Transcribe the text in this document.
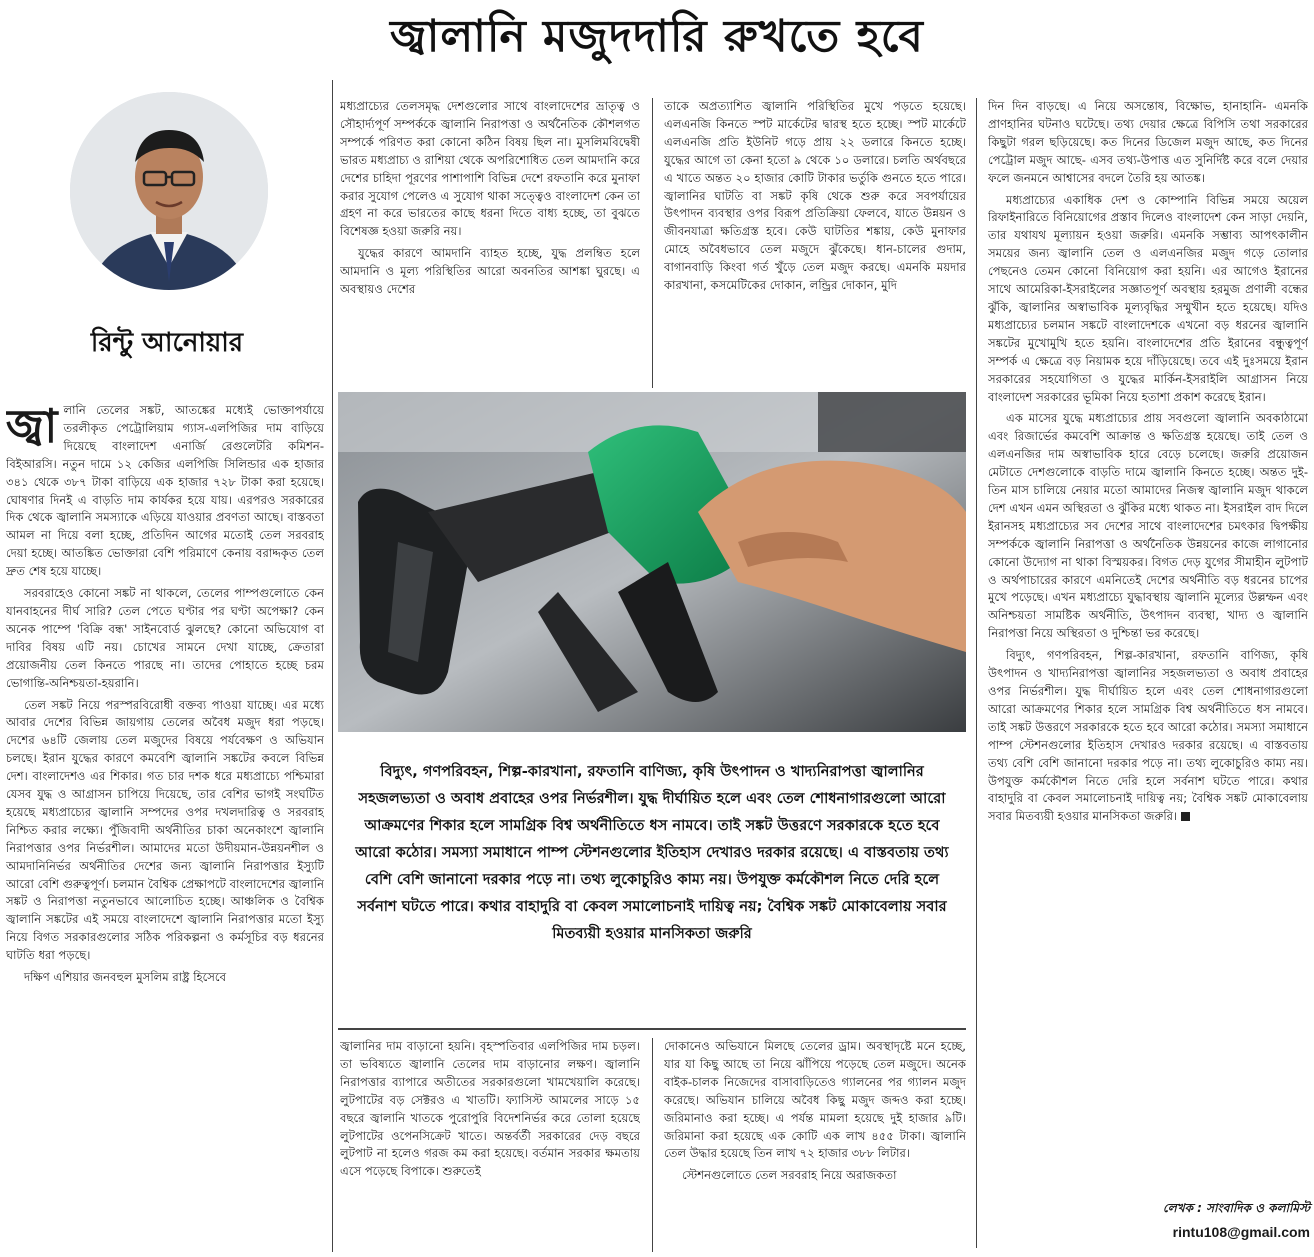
জ্বালানি মজুদদারি রুখতে হবে
রিন্টু আনোয়ার

জ্বা লানি তেলের সঙ্কট, আতঙ্কের মধ্যেই ভোক্তাপর্যায়ে তরলীকৃত পেট্রোলিয়াম গ্যাস-এলপিজির দাম বাড়িয়ে দিয়েছে বাংলাদেশ এনার্জি রেগুলেটরি কমিশন-বিইআরসি। নতুন দামে ১২ কেজির এলপিজি সিলিন্ডার এক হাজার ৩৪১ থেকে ৩৮৭ টাকা বাড়িয়ে এক হাজার ৭২৮ টাকা করা হয়েছে। ঘোষণার দিনই এ বাড়তি দাম কার্যকর হয়ে যায়। এরপরও সরকারের দিক থেকে জ্বালানি সমস্যাকে এড়িয়ে যাওয়ার প্রবণতা আছে। বাস্তবতা আমল না দিয়ে বলা হচ্ছে, প্রতিদিন আগের মতোই তেল সরবরাহ দেয়া হচ্ছে। আতঙ্কিত ভোক্তারা বেশি পরিমাণে কেনায় বরাদ্দকৃত তেল দ্রুত শেষ হয়ে যাচ্ছে।

সরবরাহেও কোনো সঙ্কট না থাকলে, তেলের পাম্পগুলোতে কেন যানবাহনের দীর্ঘ সারি? তেল পেতে ঘণ্টার পর ঘণ্টা অপেক্ষা? কেন অনেক পাম্পে 'বিক্রি বন্ধ' সাইনবোর্ড ঝুলছে? কোনো অভিযোগ বা দাবির বিষয় এটি নয়। চোখের সামনে দেখা যাচ্ছে, ক্রেতারা প্রয়োজনীয় তেল কিনতে পারছে না। তাদের পোহাতে হচ্ছে চরম ভোগান্তি-অনিশ্চয়তা-হয়রানি।

তেল সঙ্কট নিয়ে পরস্পরবিরোধী বক্তব্য পাওয়া যাচ্ছে। এর মধ্যে আবার দেশের বিভিন্ন জায়গায় তেলের অবৈধ মজুদ ধরা পড়ছে। দেশের ৬৪টি জেলায় তেল মজুদের বিষয়ে পর্যবেক্ষণ ও অভিযান চলছে। ইরান যুদ্ধের কারণে কমবেশি জ্বালানি সঙ্কটের কবলে বিভিন্ন দেশ। বাংলাদেশও এর শিকার। গত চার দশক ধরে মধ্যপ্রাচ্যে পশ্চিমারা যেসব যুদ্ধ ও আগ্রাসন চাপিয়ে দিয়েছে, তার বেশির ভাগই সংঘটিত হয়েছে মধ্যপ্রাচ্যের জ্বালানি সম্পদের ওপর দখলদারিত্ব ও সরবরাহ নিশ্চিত করার লক্ষ্যে। পুঁজিবাদী অর্থনীতির চাকা অনেকাংশে জ্বালানি নিরাপত্তার ওপর নির্ভরশীল। আমাদের মতো উদীয়মান-উন্নয়নশীল ও আমদানিনির্ভর অর্থনীতির দেশের জন্য জ্বালানি নিরাপত্তার ইস্যুটি আরো বেশি গুরুত্বপূর্ণ। চলমান বৈশ্বিক প্রেক্ষাপটে বাংলাদেশের জ্বালানি সঙ্কট ও নিরাপত্তা নতুনভাবে আলোচিত হচ্ছে। আঞ্চলিক ও বৈশ্বিক জ্বালানি সঙ্কটের এই সময়ে বাংলাদেশে জ্বালানি নিরাপত্তার মতো ইস্যু নিয়ে বিগত সরকারগুলোর সঠিক পরিকল্পনা ও কর্মসূচির বড় ধরনের ঘাটতি ধরা পড়ছে।

দক্ষিণ এশিয়ার জনবহুল মুসলিম রাষ্ট্র হিসেবে

মধ্যপ্রাচ্যের তেলসমৃদ্ধ দেশগুলোর সাথে বাংলাদেশের ভ্রাতৃত্ব ও সৌহার্দ্যপূর্ণ সম্পর্ককে জ্বালানি নিরাপত্তা ও অর্থনৈতিক কৌশলগত সম্পর্কে পরিণত করা কোনো কঠিন বিষয় ছিল না। মুসলিমবিদ্বেষী ভারত মধ্যপ্রাচ্য ও রাশিয়া থেকে অপরিশোধিত তেল আমদানি করে দেশের চাহিদা পূরণের পাশাপাশি বিভিন্ন দেশে রফতানি করে মুনাফা করার সুযোগ পেলেও এ সুযোগ থাকা সত্ত্বেও বাংলাদেশ কেন তা গ্রহণ না করে ভারতের কাছে ধরনা দিতে বাধ্য হচ্ছে, তা বুঝতে বিশেষজ্ঞ হওয়া জরুরি নয়।

যুদ্ধের কারণে আমদানি ব্যাহত হচ্ছে, যুদ্ধ প্রলম্বিত হলে আমদানি ও মূল্য পরিস্থিতির আরো অবনতির আশঙ্কা ঘুরছে। এ অবস্থায়ও দেশের

তাকে অপ্রত্যাশিত জ্বালানি পরিস্থিতির মুখে পড়তে হয়েছে। এলএনজি কিনতে স্পট মার্কেটের দ্বারস্থ হতে হচ্ছে। স্পট মার্কেটে এলএনজি প্রতি ইউনিট গড়ে প্রায় ২২ ডলারে কিনতে হচ্ছে। যুদ্ধের আগে তা কেনা হতো ৯ থেকে ১০ ডলারে। চলতি অর্থবছরে এ খাতে অন্তত ২০ হাজার কোটি টাকার ভর্তুকি গুনতে হতে পারে। জ্বালানির ঘাটতি বা সঙ্কট কৃষি থেকে শুরু করে সবপর্যায়ের উৎপাদন ব্যবস্থার ওপর বিরূপ প্রতিক্রিয়া ফেলবে, যাতে উন্নয়ন ও জীবনযাত্রা ক্ষতিগ্রস্ত হবে। কেউ ঘাটতির শঙ্কায়, কেউ মুনাফার মোহে অবৈধভাবে তেল মজুদে ঝুঁকেছে। ধান-চালের গুদাম, বাগানবাড়ি কিংবা গর্ত খুঁড়ে তেল মজুদ করছে। এমনকি ময়দার কারখানা, কসমেটিকের দোকান, লন্ড্রির দোকান, মুদি

বিদ্যুৎ, গণপরিবহন, শিল্প-কারখানা, রফতানি বাণিজ্য, কৃষি উৎপাদন ও খাদ্যনিরাপত্তা জ্বালানির সহজলভ্যতা ও অবাধ প্রবাহের ওপর নির্ভরশীল। যুদ্ধ দীর্ঘায়িত হলে এবং তেল শোধনাগারগুলো আরো আক্রমণের শিকার হলে সামগ্রিক বিশ্ব অর্থনীতিতে ধস নামবে। তাই সঙ্কট উত্তরণে সরকারকে হতে হবে আরো কঠোর। সমস্যা সমাধানে পাম্প স্টেশনগুলোর ইতিহাস দেখারও দরকার রয়েছে। এ বাস্তবতায় তথ্য বেশি বেশি জানানো দরকার পড়ে না। তথ্য লুকোচুরিও কাম্য নয়। উপযুক্ত কর্মকৌশল নিতে দেরি হলে সর্বনাশ ঘটতে পারে। কথার বাহাদুরি বা কেবল সমালোচনাই দায়িত্ব নয়; বৈশ্বিক সঙ্কট মোকাবেলায় সবার মিতব্যয়ী হওয়ার মানসিকতা জরুরি

জ্বালানির দাম বাড়ানো হয়নি। বৃহস্পতিবার এলপিজির দাম চড়ল। তা ভবিষ্যতে জ্বালানি তেলের দাম বাড়ানোর লক্ষণ। জ্বালানি নিরাপত্তার ব্যাপারে অতীতের সরকারগুলো খামখেয়ালি করেছে। লুটপাটের বড় সেক্টরও এ খাতটি। ফ্যাসিস্ট আমলের সাড়ে ১৫ বছরে জ্বালানি খাতকে পুরোপুরি বিদেশনির্ভর করে তোলা হয়েছে লুটপাটের ওপেনসিক্রেট খাতে। অন্তর্বর্তী সরকারের দেড় বছরে লুটপাট না হলেও গরজ কম করা হয়েছে। বর্তমান সরকার ক্ষমতায় এসে পড়েছে বিপাকে। শুরুতেই

দোকানেও অভিযানে মিলছে তেলের ড্রাম। অবস্থাদৃষ্টে মনে হচ্ছে, যার যা কিছু আছে তা নিয়ে ঝাঁপিয়ে পড়েছে তেল মজুদে। অনেক বাইক-চালক নিজেদের বাসাবাড়িতেও গ্যালনের পর গ্যালন মজুদ করেছে। অভিযান চালিয়ে অবৈধ কিছু মজুদ জব্দও করা হচ্ছে। জরিমানাও করা হচ্ছে। এ পর্যন্ত মামলা হয়েছে দুই হাজার ৯টি। জরিমানা করা হয়েছে এক কোটি এক লাখ ৪৫৫ টাকা। জ্বালানি তেল উদ্ধার হয়েছে তিন লাখ ৭২ হাজার ৩৮৮ লিটার।

স্টেশনগুলোতে তেল সরবরাহ নিয়ে অরাজকতা

দিন দিন বাড়ছে। এ নিয়ে অসন্তোষ, বিক্ষোভ, হানাহানি- এমনকি প্রাণহানির ঘটনাও ঘটেছে। তথ্য দেয়ার ক্ষেত্রে বিপিসি তথা সরকারের কিছুটা গরল ছড়িয়েছে। কত দিনের ডিজেল মজুদ আছে, কত দিনের পেট্রোল মজুদ আছে- এসব তথ্য-উপাত্ত এত সুনির্দিষ্ট করে বলে দেয়ার ফলে জনমনে আশ্বাসের বদলে তৈরি হয় আতঙ্ক।

মধ্যপ্রাচ্যের একাধিক দেশ ও কোম্পানি বিভিন্ন সময়ে অয়েল রিফাইনারিতে বিনিয়োগের প্রস্তাব দিলেও বাংলাদেশ কেন সাড়া দেয়নি, তার যথাযথ মূল্যায়ন হওয়া জরুরি। এমনকি সম্ভাব্য আপৎকালীন সময়ের জন্য জ্বালানি তেল ও এলএনজির মজুদ গড়ে তোলার পেছনেও তেমন কোনো বিনিয়োগ করা হয়নি। এর আগেও ইরানের সাথে আমেরিকা-ইসরাইলের সজ্ঞাতপূর্ণ অবস্থায় হরমুজ প্রণালী বন্ধের ঝুঁকি, জ্বালানির অস্বাভাবিক মূল্যবৃদ্ধির সম্মুখীন হতে হয়েছে। যদিও মধ্যপ্রাচ্যের চলমান সঙ্কটে বাংলাদেশকে এখনো বড় ধরনের জ্বালানি সঙ্কটের মুখোমুখি হতে হয়নি। বাংলাদেশের প্রতি ইরানের বন্ধুত্বপূর্ণ সম্পর্ক এ ক্ষেত্রে বড় নিয়ামক হয়ে দাঁড়িয়েছে। তবে এই দুঃসময়ে ইরান সরকারের সহযোগিতা ও যুদ্ধের মার্কিন-ইসরাইলি আগ্রাসন নিয়ে বাংলাদেশ সরকারের ভূমিকা নিয়ে হতাশা প্রকাশ করেছে ইরান।

এক মাসের যুদ্ধে মধ্যপ্রাচ্যের প্রায় সবগুলো জ্বালানি অবকাঠামো এবং রিজার্ভের কমবেশি আক্রান্ত ও ক্ষতিগ্রস্ত হয়েছে। তাই তেল ও এলএনজির দাম অস্বাভাবিক হারে বেড়ে চলেছে। জরুরি প্রয়োজন মেটাতে দেশগুলোকে বাড়তি দামে জ্বালানি কিনতে হচ্ছে। অন্তত দুই-তিন মাস চালিয়ে নেয়ার মতো আমাদের নিজস্ব জ্বালানি মজুদ থাকলে দেশ এখন এমন অস্থিরতা ও ঝুঁকির মধ্যে থাকত না। ইসরাইল বাদ দিলে ইরানসহ মধ্যপ্রাচ্যের সব দেশের সাথে বাংলাদেশের চমৎকার দ্বিপক্ষীয় সম্পর্ককে জ্বালানি নিরাপত্তা ও অর্থনৈতিক উন্নয়নের কাজে লাগানোর কোনো উদ্যোগ না থাকা বিস্ময়কর। বিগত দেড় যুগের সীমাহীন লুটপাট ও অর্থপাচারের কারণে এমনিতেই দেশের অর্থনীতি বড় ধরনের চাপের মুখে পড়েছে। এখন মধ্যপ্রাচ্যে যুদ্ধাবস্থায় জ্বালানি মূল্যের উল্লম্ফন এবং অনিশ্চয়তা সামষ্টিক অর্থনীতি, উৎপাদন ব্যবস্থা, খাদ্য ও জ্বালানি নিরাপত্তা নিয়ে অস্থিরতা ও দুশ্চিন্তা ভর করেছে।

বিদ্যুৎ, গণপরিবহন, শিল্প-কারখানা, রফতানি বাণিজ্য, কৃষি উৎপাদন ও খাদ্যনিরাপত্তা জ্বালানির সহজলভ্যতা ও অবাধ প্রবাহের ওপর নির্ভরশীল। যুদ্ধ দীর্ঘায়িত হলে এবং তেল শোধনাগারগুলো আরো আক্রমণের শিকার হলে সামগ্রিক বিশ্ব অর্থনীতিতে ধস নামবে। তাই সঙ্কট উত্তরণে সরকারকে হতে হবে আরো কঠোর। সমস্যা সমাধানে পাম্প স্টেশনগুলোর ইতিহাস দেখারও দরকার রয়েছে। এ বাস্তবতায় তথ্য বেশি বেশি জানানো দরকার পড়ে না। তথ্য লুকোচুরিও কাম্য নয়। উপযুক্ত কর্মকৌশল নিতে দেরি হলে সর্বনাশ ঘটতে পারে। কথার বাহাদুরি বা কেবল সমালোচনাই দায়িত্ব নয়; বৈশ্বিক সঙ্কট মোকাবেলায় সবার মিতব্যয়ী হওয়ার মানসিকতা জরুরি।

লেখক : সাংবাদিক ও কলামিস্ট
rintu108@gmail.com
